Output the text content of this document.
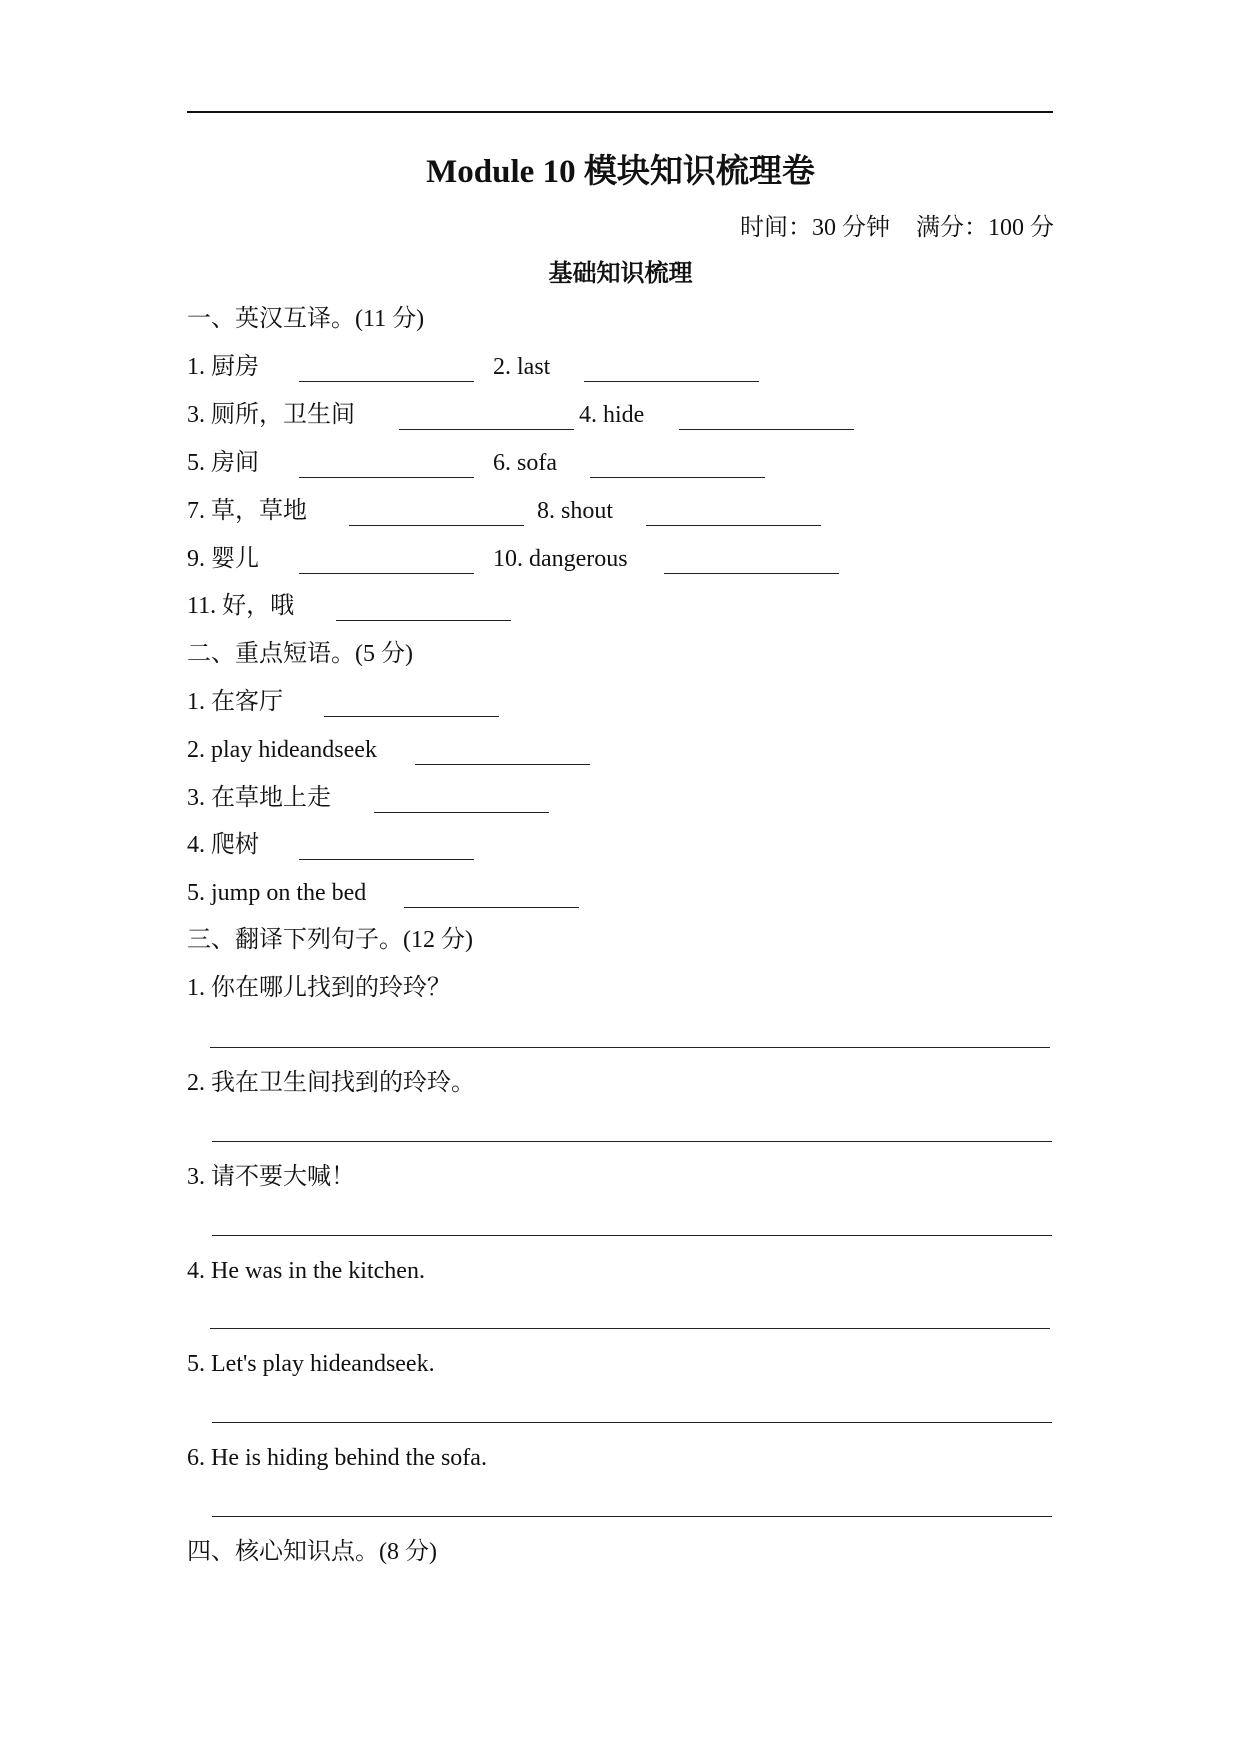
Module 10 模块知识梳理卷
时间：30 分钟 满分：100 分
基础知识梳理
一、英汉互译。(11 分)
1. 厨房	2. last
3. 厕所，卫生间	4. hide
5. 房间	6. sofa
7. 草，草地	8. shout
9. 婴儿	10. dangerous
11. 好，哦
二、重点短语。(5 分)
1. 在客厅
2. play hideandseek
3. 在草地上走
4. 爬树
5. jump on the bed
三、翻译下列句子。(12 分)
1. 你在哪儿找到的玲玲？
2. 我在卫生间找到的玲玲。
3. 请不要大喊！
4. He was in the kitchen.
5. Let's play hideandseek.
6. He is hiding behind the sofa.
四、核心知识点。(8 分)
